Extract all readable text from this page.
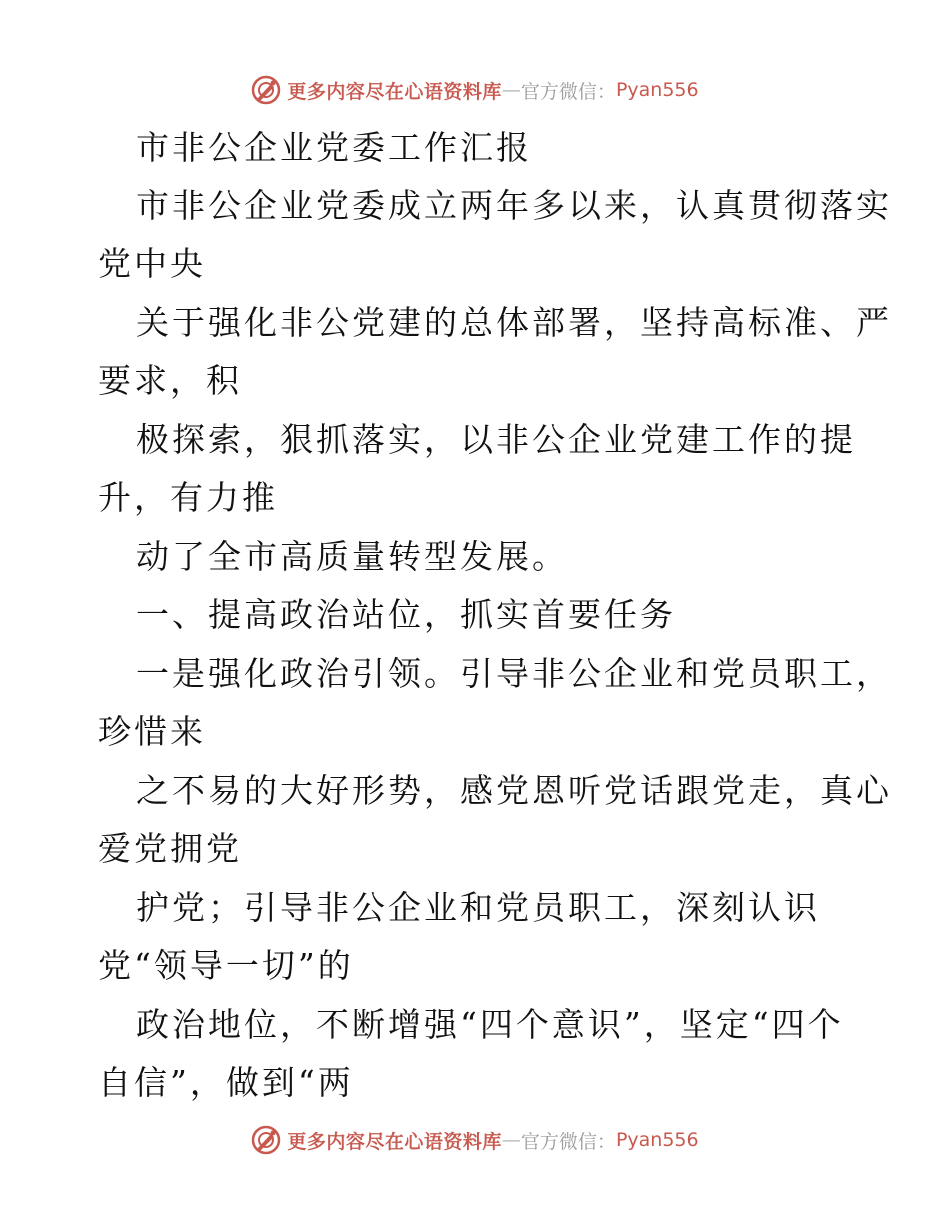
更多内容尽在心语资料库 — 官方微信： Pyan556
市非公企业党委工作汇报
市非公企业党委成立两年多以来，认真贯彻落实
党中央
关于强化非公党建的总体部署，坚持高标准、严
要求，积
极探索，狠抓落实，以非公企业党建工作的提
升，有力推
动了全市高质量转型发展。
一、提高政治站位，抓实首要任务
一是强化政治引领。引导非公企业和党员职工，
珍惜来
之不易的大好形势，感党恩听党话跟党走，真心
爱党拥党
护党；引导非公企业和党员职工，深刻认识
党“领导一切”的
政治地位，不断增强“四个意识”，坚定“四个
自信”，做到“两
更多内容尽在心语资料库 — 官方微信： Pyan556
